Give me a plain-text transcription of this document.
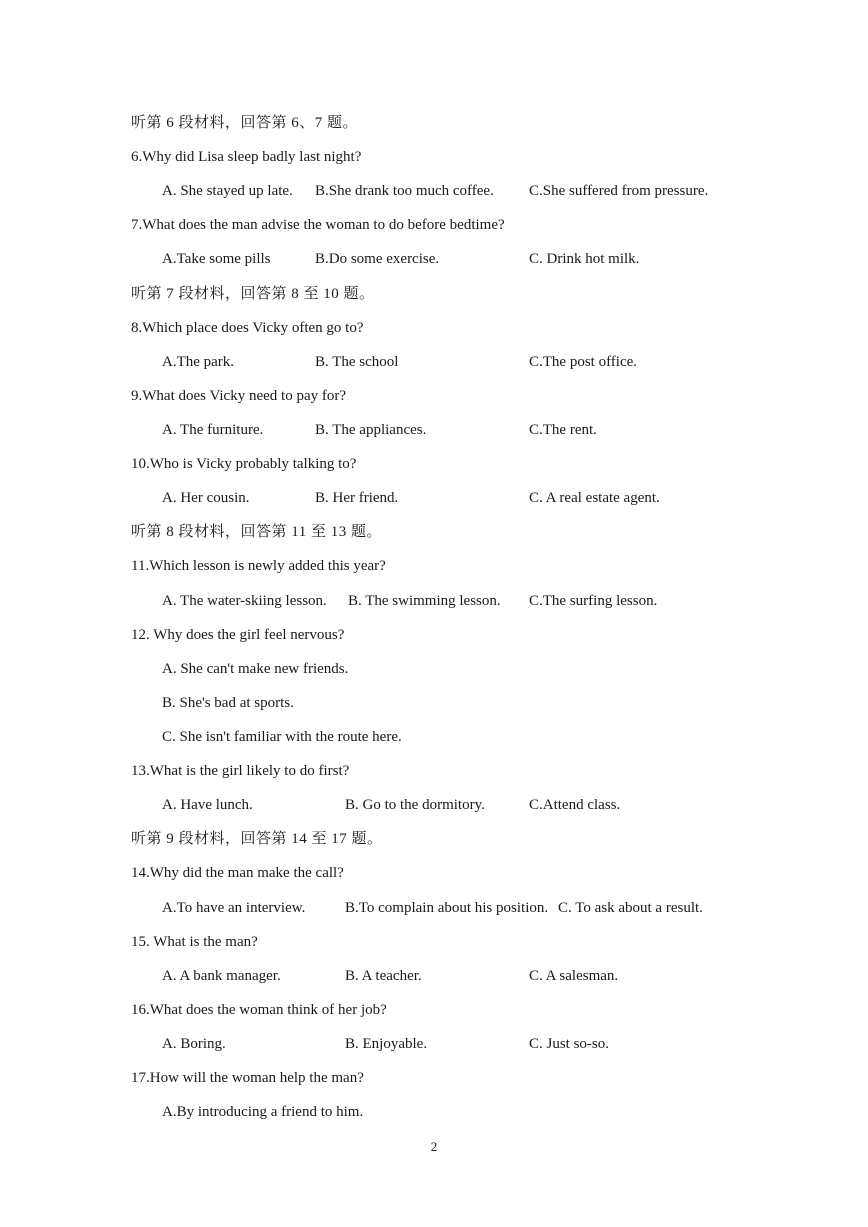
听第 6 段材料，回答第 6、7 题。
6.Why did Lisa sleep badly last night?
A. She stayed up late. B.She drank too much coffee. C.She suffered from pressure.
7.What does the man advise the woman to do before bedtime?
A.Take some pills	B.Do some exercise.	C. Drink hot milk.
听第 7 段材料，回答第 8 至 10 题。
8.Which place does Vicky often go to?
A.The park.	B. The school	C.The post office.
9.What does Vicky need to pay for?
A. The furniture.	B. The appliances.	C.The rent.
10.Who is Vicky probably talking to?
A. Her cousin.	B. Her friend.	C. A real estate agent.
听第 8 段材料，回答第 11 至 13 题。
11.Which lesson is newly added this year?
A. The water-skiing lesson. B. The swimming lesson. C.The surfing lesson.
12. Why does the girl feel nervous?
A. She can't make new friends.
B. She's bad at sports.
C. She isn't familiar with the route here.
13.What is the girl likely to do first?
A. Have lunch.	B. Go to the dormitory.	C.Attend class.
听第 9 段材料，回答第 14 至 17 题。
14.Why did the man make the call?
A.To have an interview.	B.To complain about his position. C. To ask about a result.
15. What is the man?
A. A bank manager.	B. A teacher.	C. A salesman.
16.What does the woman think of her job?
A. Boring.	B. Enjoyable.	C. Just so-so.
17.How will the woman help the man?
A.By introducing a friend to him.
2
